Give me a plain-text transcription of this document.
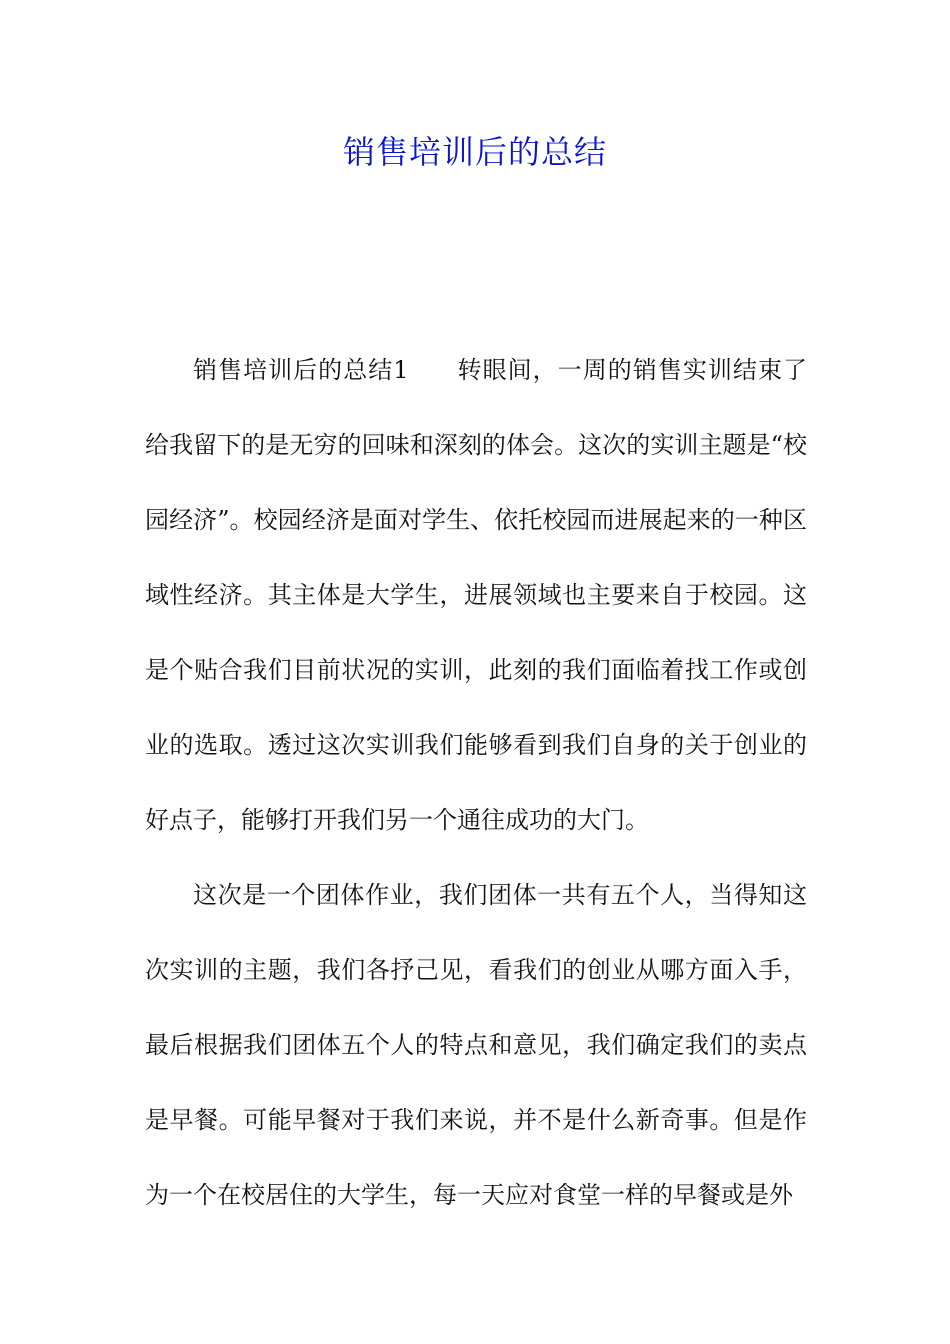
销售培训后的总结

销售培训后的总结1 转眼间，一周的销售实训结束了给我留下的是无穷的回味和深刻的体会。这次的实训主题是“校园经济”。校园经济是面对学生、依托校园而进展起来的一种区域性经济。其主体是大学生，进展领域也主要来自于校园。这是个贴合我们目前状况的实训，此刻的我们面临着找工作或创业的选取。透过这次实训我们能够看到我们自身的关于创业的好点子，能够打开我们另一个通往成功的大门。

这次是一个团体作业，我们团体一共有五个人，当得知这次实训的主题，我们各抒己见，看我们的创业从哪方面入手，最后根据我们团体五个人的特点和意见，我们确定我们的卖点是早餐。可能早餐对于我们来说，并不是什么新奇事。但是作为一个在校居住的大学生，每一天应对食堂一样的早餐或是外
